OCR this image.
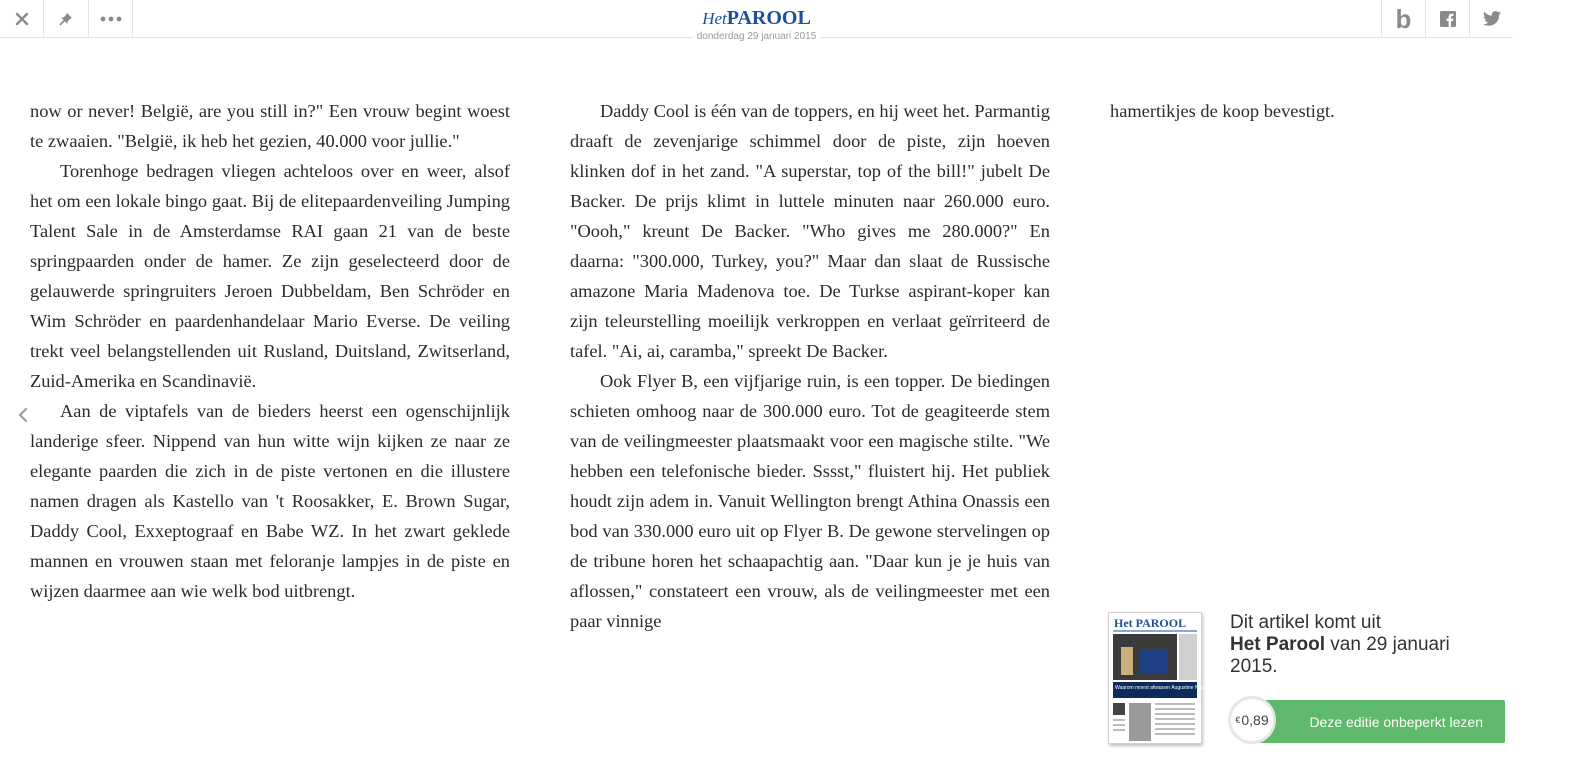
HetPAROOL
donderdag 29 januari 2015
b

now or never! België, are you still in?" Een vrouw begint woest te zwaaien. "België, ik heb het gezien, 40.000 voor jullie."

Torenhoge bedragen vliegen achteloos over en weer, alsof het om een lokale bingo gaat. Bij de elitepaardenveiling Jumping Talent Sale in de Amsterdamse RAI gaan 21 van de beste springpaarden onder de hamer. Ze zijn geselecteerd door de gelauwerde springruiters Jeroen Dubbeldam, Ben Schröder en Wim Schröder en paardenhandelaar Mario Everse. De veiling trekt veel belangstellenden uit Rusland, Duitsland, Zwitserland, Zuid-Amerika en Scandinavië.

Aan de viptafels van de bieders heerst een ogenschijnlijk landerige sfeer. Nippend van hun witte wijn kijken ze naar ze elegante paarden die zich in de piste vertonen en die illustere namen dragen als Kastello van 't Roosakker, E. Brown Sugar, Daddy Cool, Exxeptograaf en Babe WZ. In het zwart geklede mannen en vrouwen staan met feloranje lampjes in de piste en wijzen daarmee aan wie welk bod uitbrengt.

Daddy Cool is één van de toppers, en hij weet het. Parmantig draaft de zevenjarige schimmel door de piste, zijn hoeven klinken dof in het zand. "A superstar, top of the bill!" jubelt De Backer. De prijs klimt in luttele minuten naar 260.000 euro. "Oooh," kreunt De Backer. "Who gives me 280.000?" En daarna: "300.000, Turkey, you?" Maar dan slaat de Russische amazone Maria Madenova toe. De Turkse aspirant-koper kan zijn teleurstelling moeilijk verkroppen en verlaat geïrriteerd de tafel. "Ai, ai, caramba," spreekt De Backer.

Ook Flyer B, een vijfjarige ruin, is een topper. De biedingen schieten omhoog naar de 300.000 euro. Tot de geagiteerde stem van de veilingmeester plaatsmaakt voor een magische stilte. "We hebben een telefonische bieder. Sssst," fluistert hij. Het publiek houdt zijn adem in. Vanuit Wellington brengt Athina Onassis een bod van 330.000 euro uit op Flyer B. De gewone stervelingen op de tribune horen het schaapachtig aan. "Daar kun je je huis van aflossen," constateert een vrouw, als de veilingmeester met een paar vinnige

hamertikjes de koop bevestigt.

Het PAROOL
Waarom moest afwasser Augustine Nyantakyi dood?
Dit artikel komt uit
Het Parool van 29 januari 2015.
Deze editie onbeperkt lezen
€ 0,89
